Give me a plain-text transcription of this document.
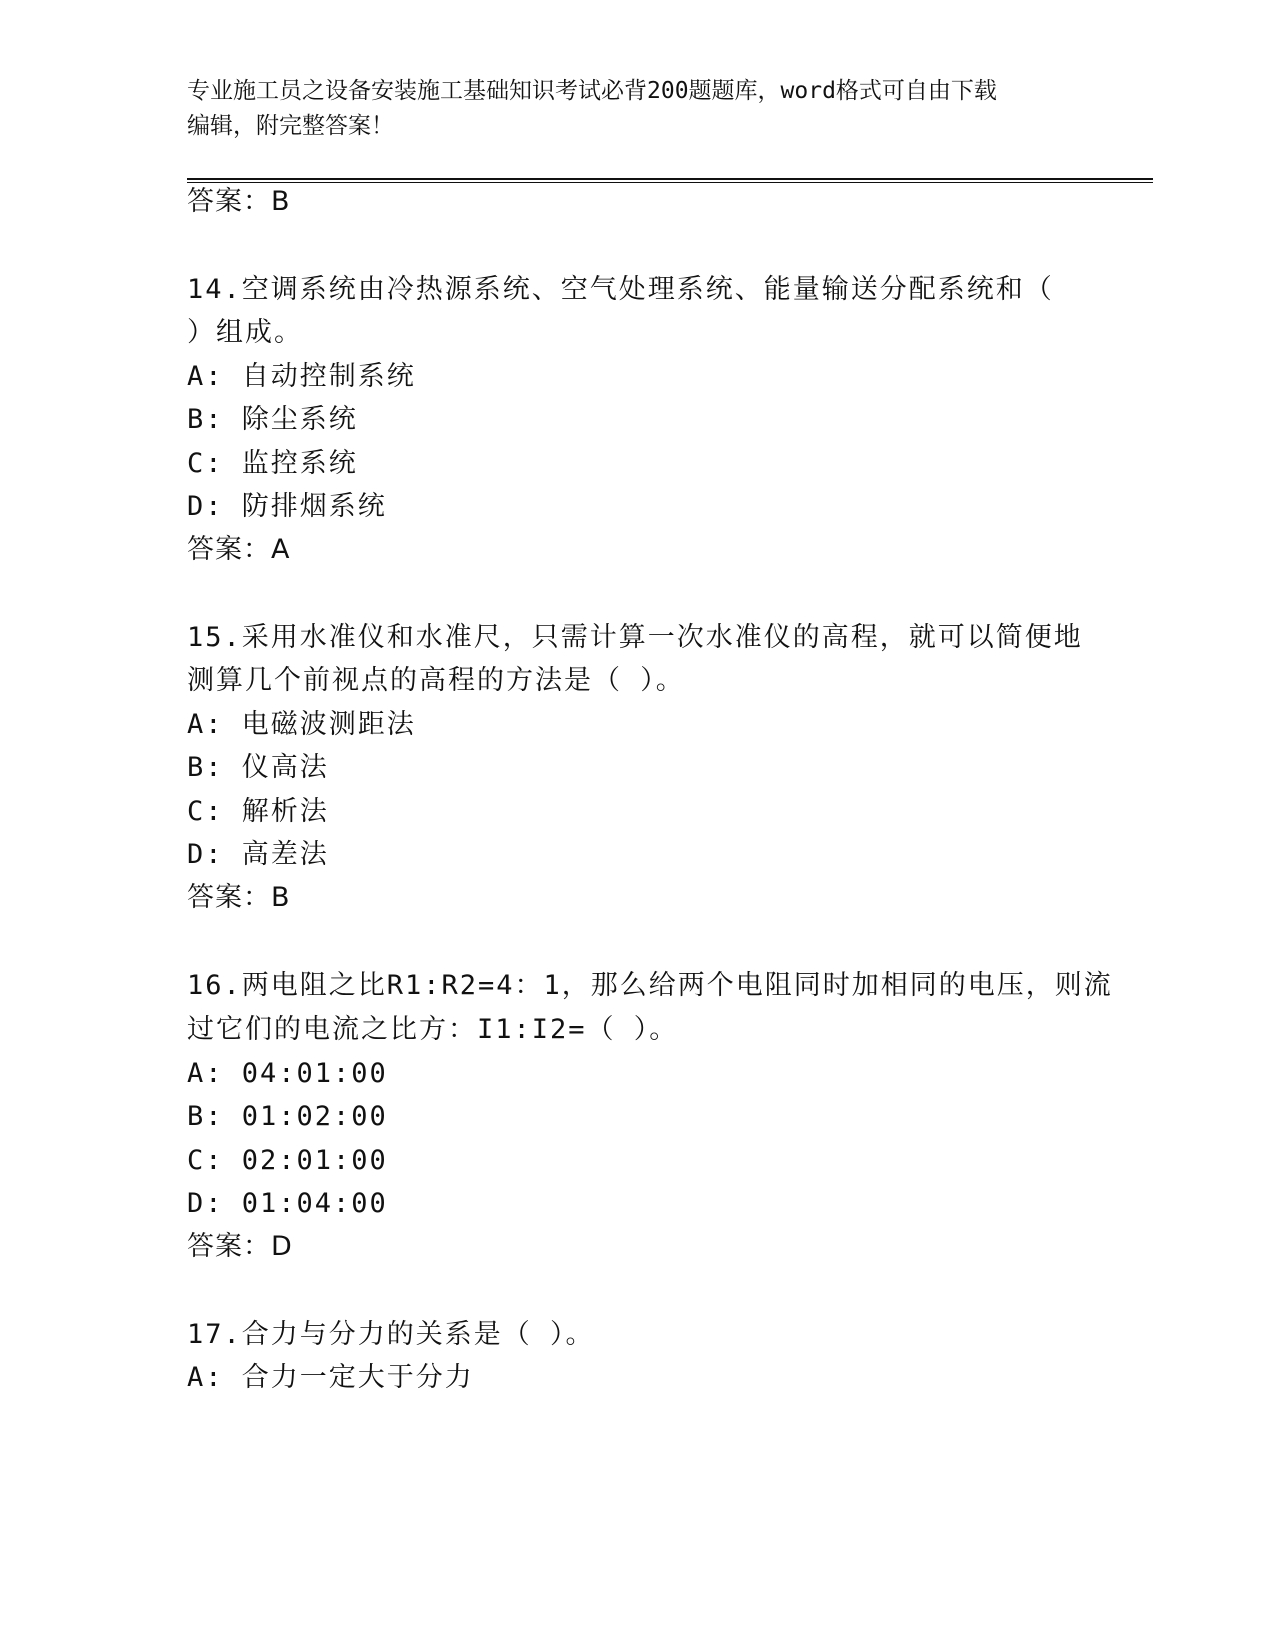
专业施工员之设备安装施工基础知识考试必背200题题库，word格式可自由下载
编辑，附完整答案！
答案：B
14.空调系统由冷热源系统、空气处理系统、能量输送分配系统和（
）组成。
A: 自动控制系统
B: 除尘系统
C: 监控系统
D: 防排烟系统
答案：A
15.采用水准仪和水准尺，只需计算一次水准仪的高程，就可以简便地
测算几个前视点的高程的方法是（ ）。
A: 电磁波测距法
B: 仪高法
C: 解析法
D: 高差法
答案：B
16.两电阻之比R1:R2=4：1，那么给两个电阻同时加相同的电压，则流
过它们的电流之比方：I1:I2=（ ）。
A: 04:01:00
B: 01:02:00
C: 02:01:00
D: 01:04:00
答案：D
17.合力与分力的关系是（ ）。
A: 合力一定大于分力
